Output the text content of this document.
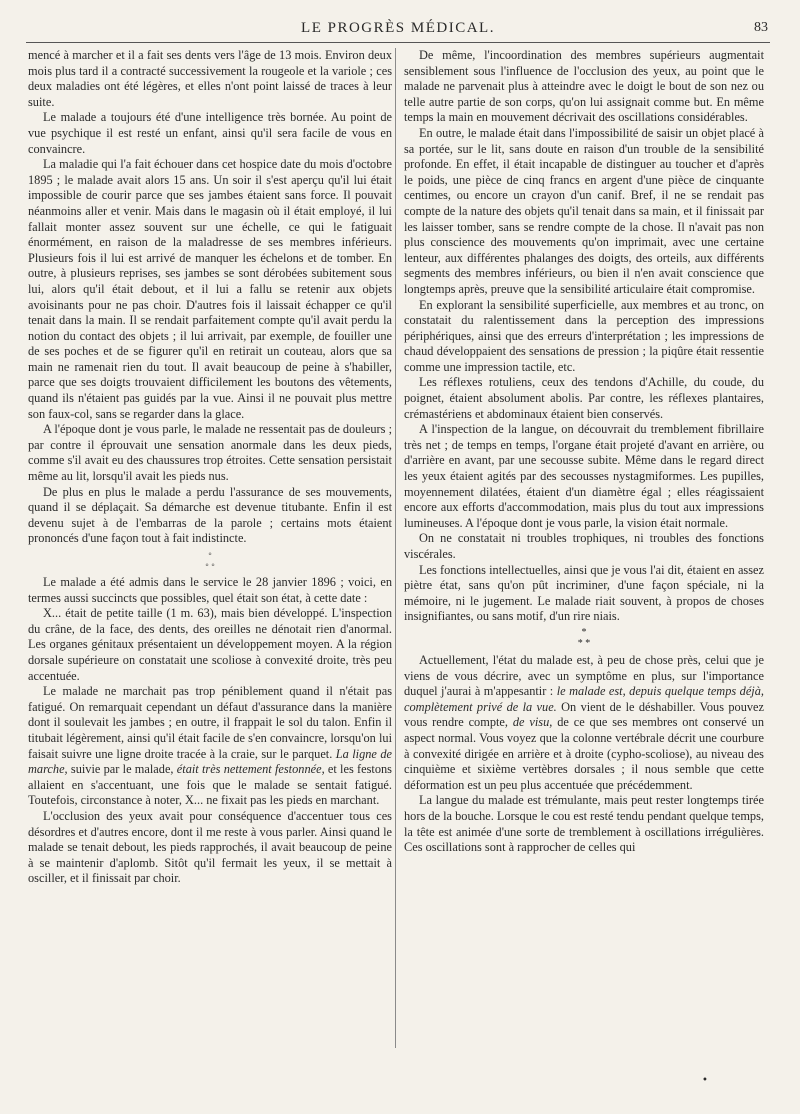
LE PROGRÈS MÉDICAL.	83

mencé à marcher et il a fait ses dents vers l'âge de 13 mois. Environ deux mois plus tard il a contracté successivement la rougeole et la variole ; ces deux maladies ont été légères, et elles n'ont point laissé de traces à leur suite.

Le malade a toujours été d'une intelligence très bornée. Au point de vue psychique il est resté un enfant, ainsi qu'il sera facile de vous en convaincre.

La maladie qui l'a fait échouer dans cet hospice date du mois d'octobre 1895 ; le malade avait alors 15 ans. Un soir il s'est aperçu qu'il lui était impossible de courir parce que ses jambes étaient sans force. Il pouvait néanmoins aller et venir. Mais dans le magasin où il était employé, il lui fallait monter assez souvent sur une échelle, ce qui le fatiguait énormément, en raison de la maladresse de ses membres inférieurs. Plusieurs fois il lui est arrivé de manquer les échelons et de tomber. En outre, à plusieurs reprises, ses jambes se sont dérobées subitement sous lui, alors qu'il était debout, et il lui a fallu se retenir aux objets avoisinants pour ne pas choir. D'autres fois il laissait échapper ce qu'il tenait dans la main. Il se rendait parfaitement compte qu'il avait perdu la notion du contact des objets ; il lui arrivait, par exemple, de fouiller une de ses poches et de se figurer qu'il en retirait un couteau, alors que sa main ne ramenait rien du tout. Il avait beaucoup de peine à s'habiller, parce que ses doigts trouvaient difficilement les boutons des vêtements, quand ils n'étaient pas guidés par la vue. Ainsi il ne pouvait plus mettre son faux-col, sans se regarder dans la glace.

A l'époque dont je vous parle, le malade ne ressentait pas de douleurs ; par contre il éprouvait une sensation anormale dans les deux pieds, comme s'il avait eu des chaussures trop étroites. Cette sensation persistait même au lit, lorsqu'il avait les pieds nus.

De plus en plus le malade a perdu l'assurance de ses mouvements, quand il se déplaçait. Sa démarche est devenue titubante. Enfin il est devenu sujet à de l'embarras de la parole ; certains mots étaient prononcés d'une façon tout à fait indistincte.

◦
◦ ◦

Le malade a été admis dans le service le 28 janvier 1896 ; voici, en termes aussi succincts que possibles, quel était son état, à cette date :

X... était de petite taille (1 m. 63), mais bien développé. L'inspection du crâne, de la face, des dents, des oreilles ne dénotait rien d'anormal. Les organes génitaux présentaient un développement moyen. A la région dorsale supérieure on constatait une scoliose à convexité droite, très peu accentuée.

Le malade ne marchait pas trop péniblement quand il n'était pas fatigué. On remarquait cependant un défaut d'assurance dans la manière dont il soulevait les jambes ; en outre, il frappait le sol du talon. Enfin il titubait légèrement, ainsi qu'il était facile de s'en convaincre, lorsqu'on lui faisait suivre une ligne droite tracée à la craie, sur le parquet. La ligne de marche, suivie par le malade, était très nettement festonnée, et les festons allaient en s'accentuant, une fois que le malade se sentait fatigué. Toutefois, circonstance à noter, X... ne fixait pas les pieds en marchant.

L'occlusion des yeux avait pour conséquence d'accentuer tous ces désordres et d'autres encore, dont il me reste à vous parler. Ainsi quand le malade se tenait debout, les pieds rapprochés, il avait beaucoup de peine à se maintenir d'aplomb. Sitôt qu'il fermait les yeux, il se mettait à osciller, et il finissait par choir.

De même, l'incoordination des membres supérieurs augmentait sensiblement sous l'influence de l'occlusion des yeux, au point que le malade ne parvenait plus à atteindre avec le doigt le bout de son nez ou telle autre partie de son corps, qu'on lui assignait comme but. En même temps la main en mouvement décrivait des oscillations considérables.

En outre, le malade était dans l'impossibilité de saisir un objet placé à sa portée, sur le lit, sans doute en raison d'un trouble de la sensibilité profonde. En effet, il était incapable de distinguer au toucher et d'après le poids, une pièce de cinq francs en argent d'une pièce de cinquante centimes, ou encore un crayon d'un canif. Bref, il ne se rendait pas compte de la nature des objets qu'il tenait dans sa main, et il finissait par les laisser tomber, sans se rendre compte de la chose. Il n'avait pas non plus conscience des mouvements qu'on imprimait, avec une certaine lenteur, aux différentes phalanges des doigts, des orteils, aux différents segments des membres inférieurs, ou bien il n'en avait conscience que longtemps après, preuve que la sensibilité articulaire était compromise.

En explorant la sensibilité superficielle, aux membres et au tronc, on constatait du ralentissement dans la perception des impressions périphériques, ainsi que des erreurs d'interprétation ; les impressions de chaud développaient des sensations de pression ; la piqûre était ressentie comme une impression tactile, etc.

Les réflexes rotuliens, ceux des tendons d'Achille, du coude, du poignet, étaient absolument abolis. Par contre, les réflexes plantaires, crémastériens et abdominaux étaient bien conservés.

A l'inspection de la langue, on découvrait du tremblement fibrillaire très net ; de temps en temps, l'organe était projeté d'avant en arrière, ou d'arrière en avant, par une secousse subite. Même dans le regard direct les yeux étaient agités par des secousses nystagmiformes. Les pupilles, moyennement dilatées, étaient d'un diamètre égal ; elles réagissaient encore aux efforts d'accommodation, mais plus du tout aux impressions lumineuses. A l'époque dont je vous parle, la vision était normale.

On ne constatait ni troubles trophiques, ni troubles des fonctions viscérales.

Les fonctions intellectuelles, ainsi que je vous l'ai dit, étaient en assez piètre état, sans qu'on pût incriminer, d'une façon spéciale, ni la mémoire, ni le jugement. Le malade riait souvent, à propos de choses insignifiantes, ou sans motif, d'un rire niais.

*
* *

Actuellement, l'état du malade est, à peu de chose près, celui que je viens de vous décrire, avec un symptôme en plus, sur l'importance duquel j'aurai à m'appesantir : le malade est, depuis quelque temps déjà, complètement privé de la vue. On vient de le déshabiller. Vous pouvez vous rendre compte, de visu, de ce que ses membres ont conservé un aspect normal. Vous voyez que la colonne vertébrale décrit une courbure à convexité dirigée en arrière et à droite (cypho-scoliose), au niveau des cinquième et sixième vertèbres dorsales ; il nous semble que cette déformation est un peu plus accentuée que précédemment.

La langue du malade est trémulante, mais peut rester longtemps tirée hors de la bouche. Lorsque le cou est resté tendu pendant quelque temps, la tête est animée d'une sorte de tremblement à oscillations irrégulières. Ces oscillations sont à rapprocher de celles qui

•
